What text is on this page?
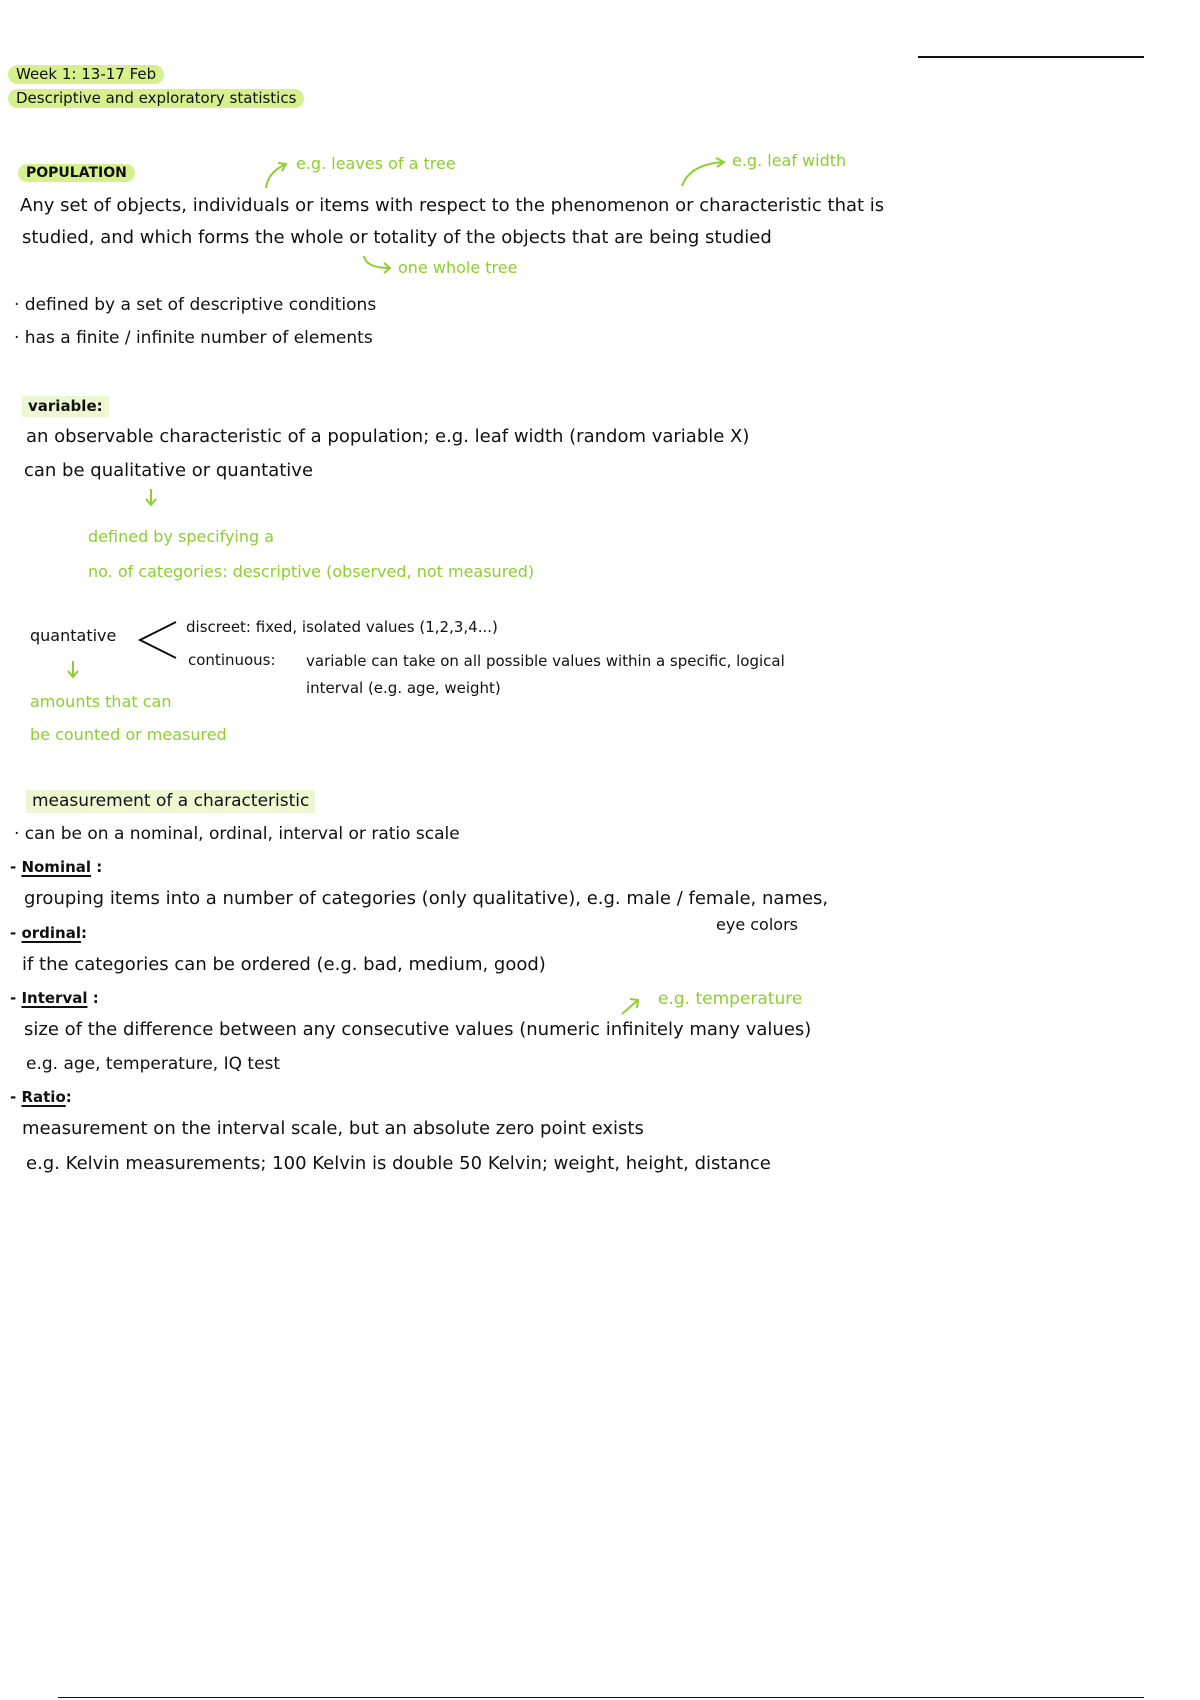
Week 1: 13-17 Feb
Descriptive and exploratory statistics
POPULATION	e.g. leaves of a tree	e.g. leaf width
Any set of objects, individuals or items with respect to the phenomenon or characteristic that is
studied, and which forms the whole or totality of the objects that are being studied
one whole tree
· defined by a set of descriptive conditions
· has a finite / infinite number of elements
variable:
an observable characteristic of a population; e.g. leaf width (random variable X)
can be qualitative or quantative
defined by specifying a
no. of categories: descriptive (observed, not measured)
quantative	discreet: fixed, isolated values (1,2,3,4...)
continuous: variable can take on all possible values within a specific, logical
interval (e.g. age, weight)
amounts that can
be counted or measured
measurement of a characteristic
· can be on a nominal, ordinal, interval or ratio scale
- Nominal :
grouping items into a number of categories (only qualitative), e.g. male / female, names,
eye colors
- ordinal:
if the categories can be ordered (e.g. bad, medium, good)
- Interval :	e.g. temperature
size of the difference between any consecutive values (numeric infinitely many values)
e.g. age, temperature, IQ test
- Ratio:
measurement on the interval scale, but an absolute zero point exists
e.g. Kelvin measurements; 100 Kelvin is double 50 Kelvin; weight, height, distance
